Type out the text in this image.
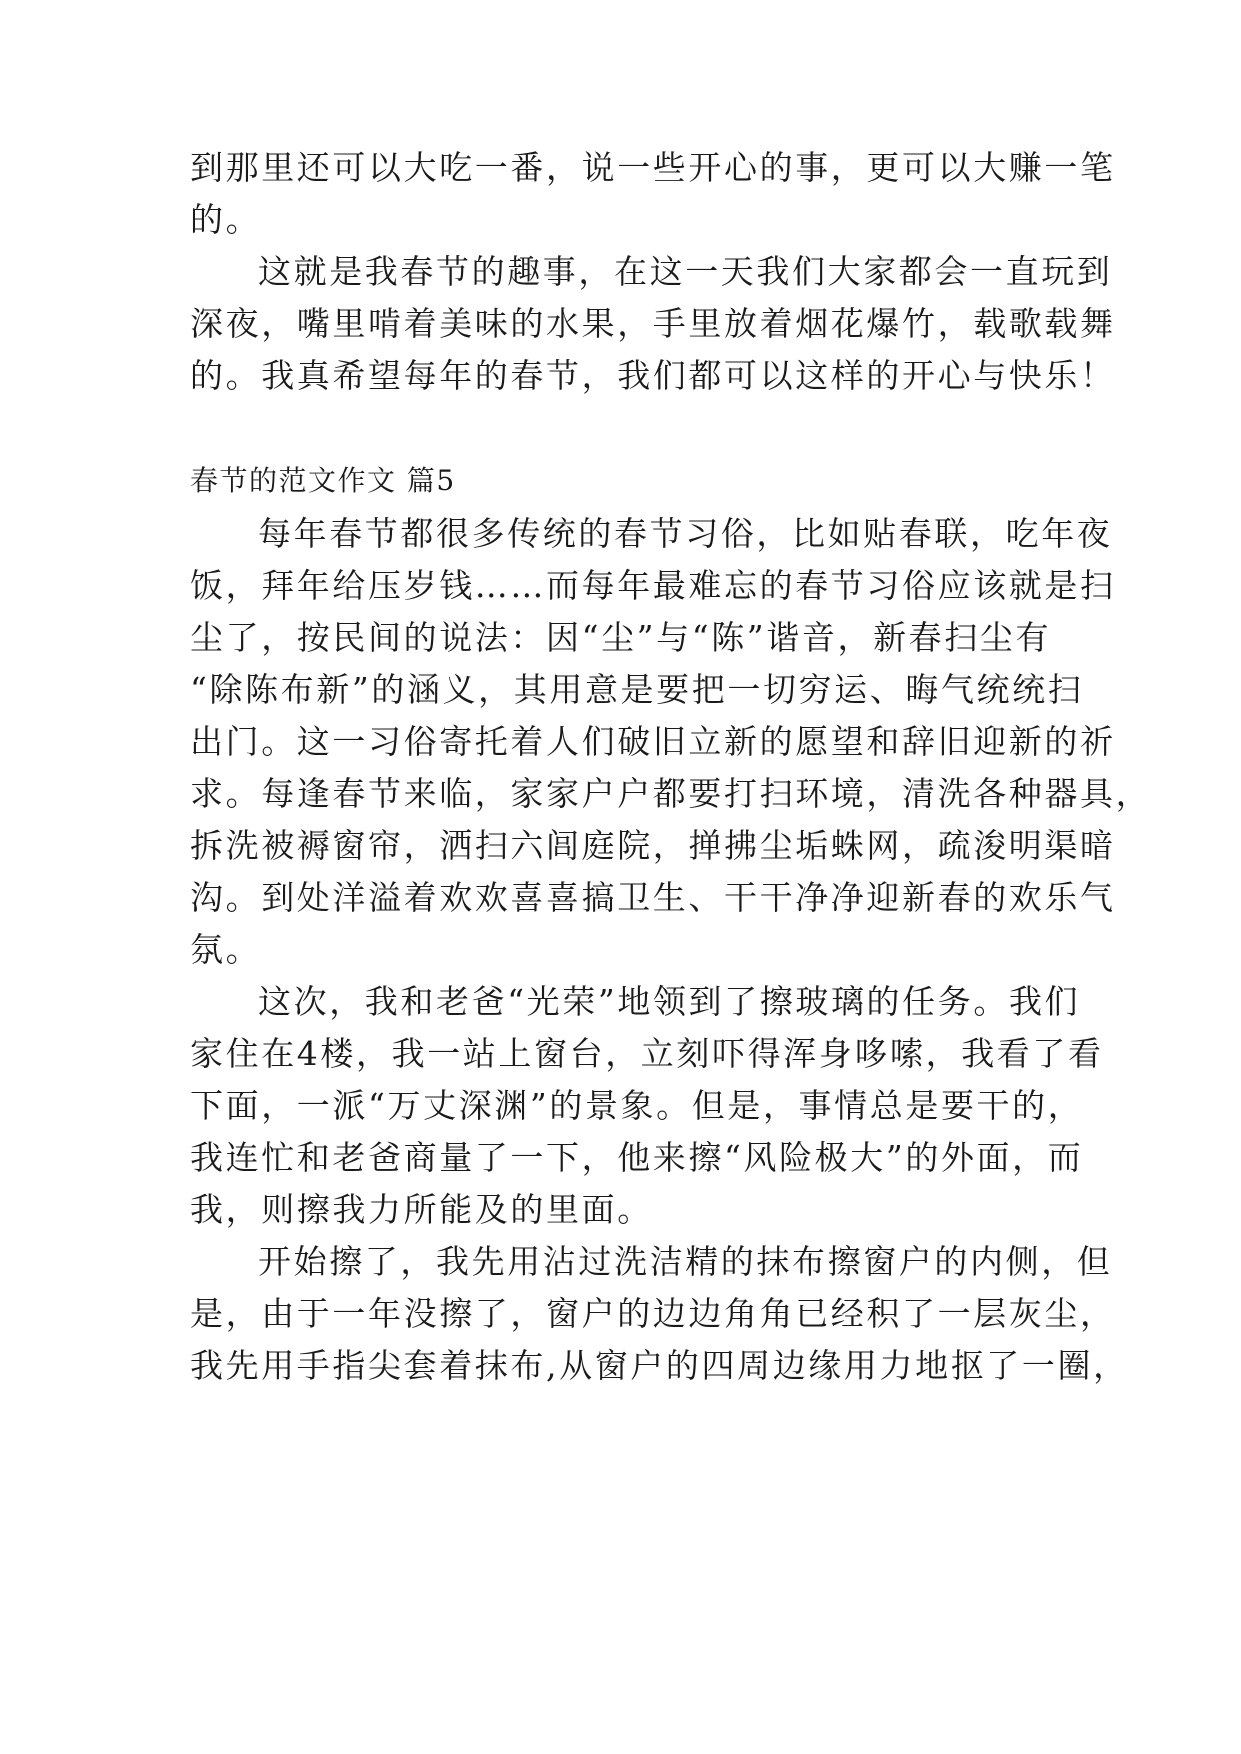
到那里还可以大吃一番，说一些开心的事，更可以大赚一笔
的。
这就是我春节的趣事，在这一天我们大家都会一直玩到
深夜，嘴里啃着美味的水果，手里放着烟花爆竹，载歌载舞
的。我真希望每年的春节，我们都可以这样的开心与快乐！
春节的范文作文 篇5
每年春节都很多传统的春节习俗，比如贴春联，吃年夜
饭，拜年给压岁钱……而每年最难忘的春节习俗应该就是扫
尘了，按民间的说法：因“尘”与“陈”谐音，新春扫尘有
“除陈布新”的涵义，其用意是要把一切穷运、晦气统统扫
出门。这一习俗寄托着人们破旧立新的愿望和辞旧迎新的祈
求。每逢春节来临，家家户户都要打扫环境，清洗各种器具，
拆洗被褥窗帘，洒扫六闾庭院，掸拂尘垢蛛网，疏浚明渠暗
沟。到处洋溢着欢欢喜喜搞卫生、干干净净迎新春的欢乐气
氛。
这次，我和老爸“光荣”地领到了擦玻璃的任务。我们
家住在4楼，我一站上窗台，立刻吓得浑身哆嗦，我看了看
下面，一派“万丈深渊”的景象。但是，事情总是要干的，
我连忙和老爸商量了一下，他来擦“风险极大”的外面，而
我，则擦我力所能及的里面。
开始擦了，我先用沾过洗洁精的抹布擦窗户的内侧，但
是，由于一年没擦了，窗户的边边角角已经积了一层灰尘，
我先用手指尖套着抹布,从窗户的四周边缘用力地抠了一圈，
